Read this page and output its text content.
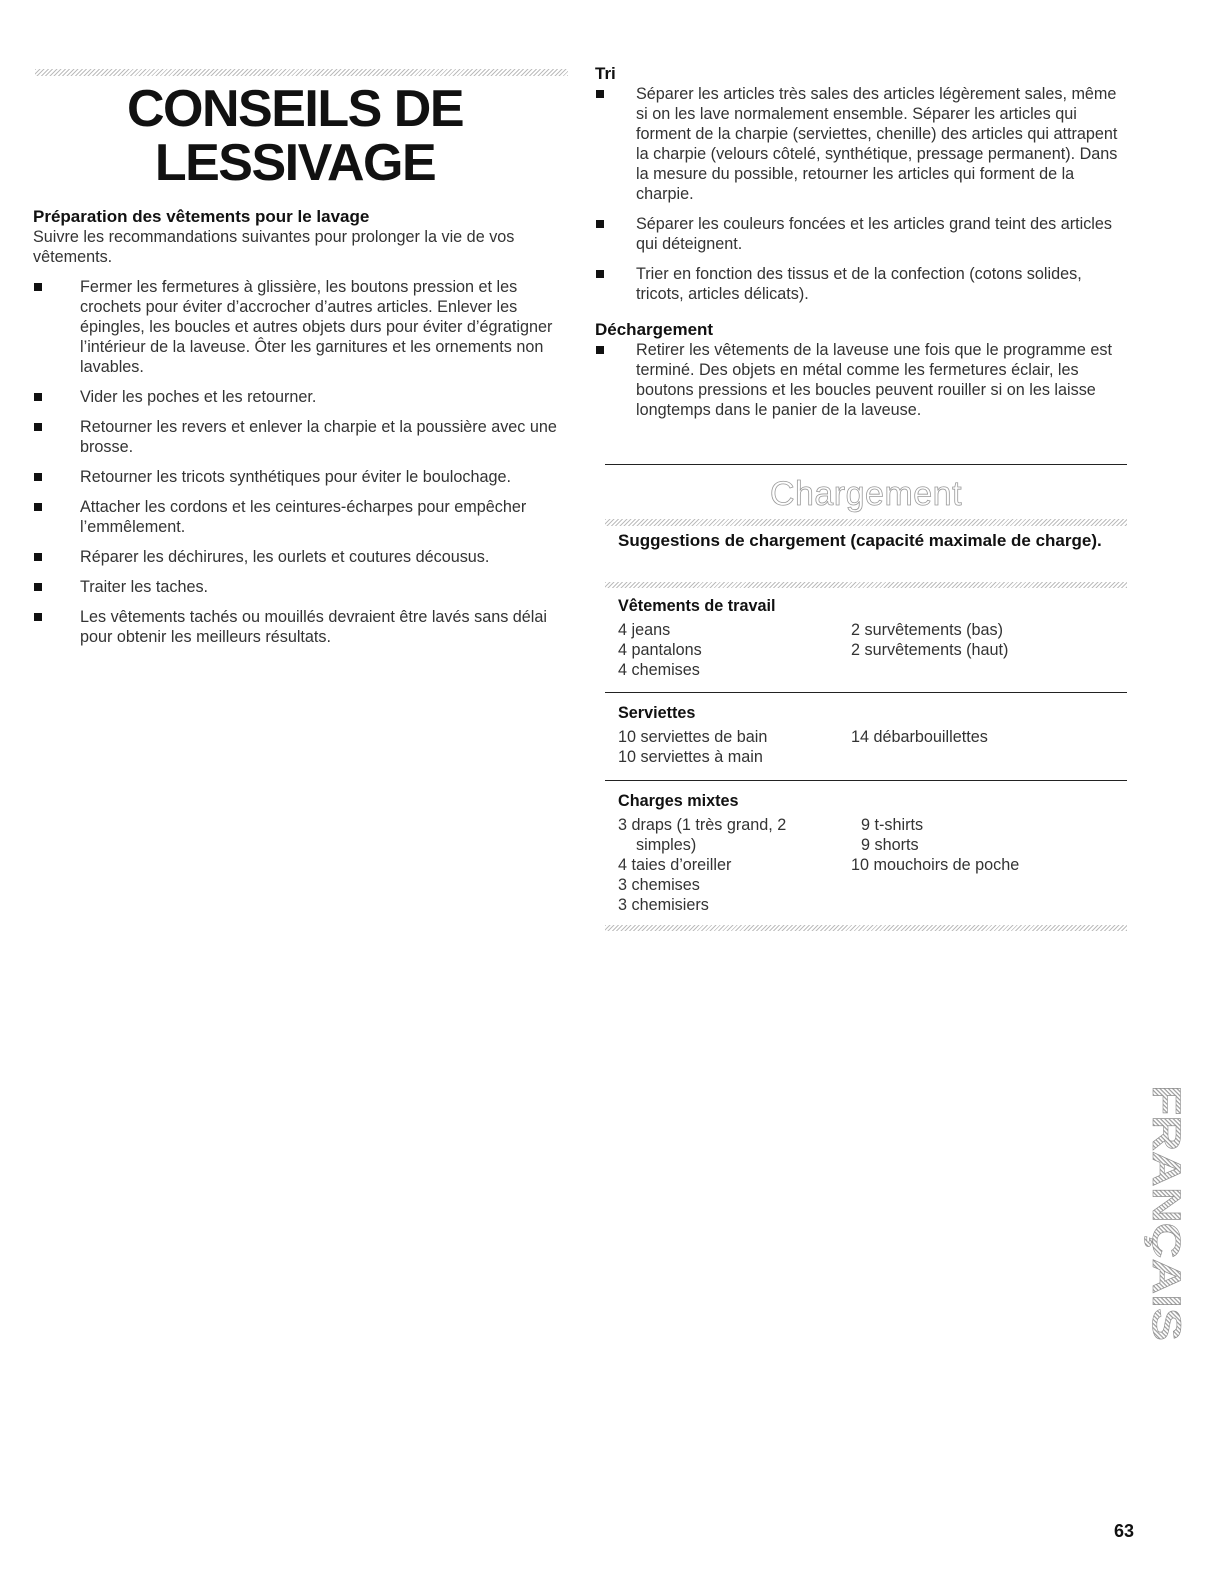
CONSEILS DE LESSIVAGE
Préparation des vêtements pour le lavage

Suivre les recommandations suivantes pour prolonger la vie de vos vêtements.

Fermer les fermetures à glissière, les boutons pression et les crochets pour éviter d’accrocher d’autres articles. Enlever les épingles, les boucles et autres objets durs pour éviter d’égratigner l’intérieur de la laveuse. Ôter les garnitures et les ornements non lavables.
Vider les poches et les retourner.
Retourner les revers et enlever la charpie et la poussière avec une brosse.
Retourner les tricots synthétiques pour éviter le boulochage.
Attacher les cordons et les ceintures-écharpes pour empêcher l’emmêlement.
Réparer les déchirures, les ourlets et coutures décousus.
Traiter les taches.
Les vêtements tachés ou mouillés devraient être lavés sans délai pour obtenir les meilleurs résultats.
Tri
Séparer les articles très sales des articles légèrement sales, même si on les lave normalement ensemble. Séparer les articles qui forment de la charpie (serviettes, chenille) des articles qui attrapent la charpie (velours côtelé, synthétique, pressage permanent). Dans la mesure du possible, retourner les articles qui forment de la charpie.
Séparer les couleurs foncées et les articles grand teint des articles qui déteignent.
Trier en fonction des tissus et de la confection (cotons solides, tricots, articles délicats).
Déchargement
Retirer les vêtements de la laveuse une fois que le programme est terminé. Des objets en métal comme les fermetures éclair, les boutons pressions et les boucles peuvent rouiller si on les laisse longtemps dans le panier de la laveuse.
Chargement
Suggestions de chargement (capacité maximale de charge).
Vêtements de travail
4 jeans
4 pantalons
4 chemises
2 survêtements (bas)
2 survêtements (haut)
Serviettes
10 serviettes de bain
10 serviettes à main
14 débarbouillettes
Charges mixtes
3 draps (1 très grand, 2 simples)
4 taies d’oreiller
3 chemises
3 chemisiers
9 t-shirts
9 shorts
10 mouchoirs de poche
FRANÇAIS
63
